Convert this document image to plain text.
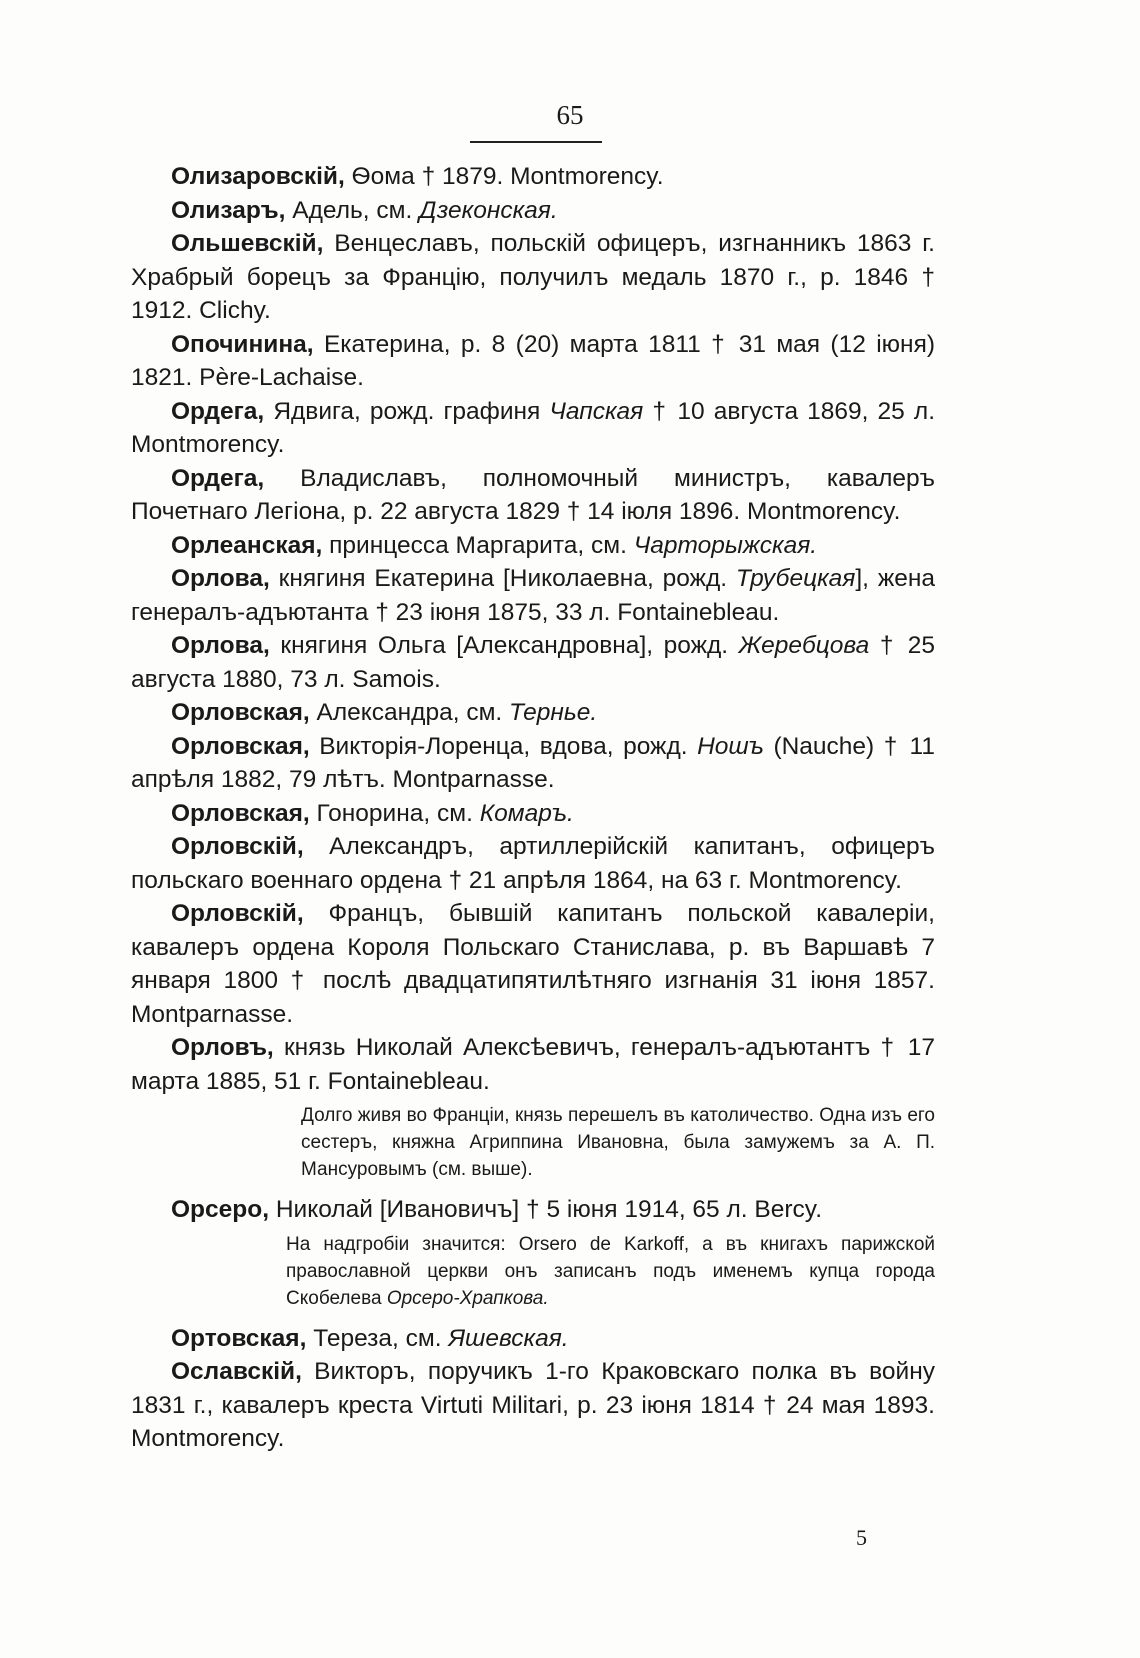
65

Олизаровскій, Ѳома † 1879. Montmorency.

Олизаръ, Адель, см. Дзеконская.

Ольшевскій, Венцеславъ, польскій офицеръ, изгнанникъ 1863 г. Храбрый борецъ за Францію, получилъ медаль 1870 г., р. 1846 † 1912. Clichy.

Опочинина, Екатерина, р. 8 (20) марта 1811 † 31 мая (12 іюня) 1821. Père-Lachaise.

Ордега, Ядвига, рожд. графиня Чапская † 10 августа 1869, 25 л. Montmorency.

Ордега, Владиславъ, полномочный министръ, кавалеръ Почетнаго Легіона, р. 22 августа 1829 † 14 іюля 1896. Montmorency.

Орлеанская, принцесса Маргарита, см. Чарторыжская.

Орлова, княгиня Екатерина [Николаевна, рожд. Трубецкая], жена генералъ-адъютанта † 23 іюня 1875, 33 л. Fontainebleau.

Орлова, княгиня Ольга [Александровна], рожд. Жеребцова † 25 августа 1880, 73 л. Samois.

Орловская, Александра, см. Терньe.

Орловская, Викторія-Лоренца, вдова, рожд. Ношъ (Nauche) † 11 апрѣля 1882, 79 лѣтъ. Montparnasse.

Орловская, Гонорина, см. Комаръ.

Орловскій, Александръ, артиллерійскій капитанъ, офицеръ польскаго военнаго ордена † 21 апрѣля 1864, на 63 г. Montmorency.

Орловскій, Францъ, бывшій капитанъ польской кавалеріи, кавалеръ ордена Короля Польскаго Станислава, р. въ Варшавѣ 7 января 1800 † послѣ двадцатипятилѣтняго изгнанія 31 іюня 1857. Montparnasse.

Орловъ, князь Николай Алексѣевичъ, генералъ-адъютантъ † 17 марта 1885, 51 г. Fontainebleau.

Долго живя во Франціи, князь перешелъ въ католичество. Одна изъ его сестеръ, княжна Агриппина Ивановна, была замужемъ за А. П. Мансуровымъ (см. выше).

Орсеро, Николай [Ивановичъ] † 5 іюня 1914, 65 л. Bercy.

На надгробіи значится: Orsero de Karkoff, а въ книгахъ парижской православной церкви онъ записанъ подъ именемъ купца города Скобелева Орсеро-Храпкова.

Ортовская, Тереза, см. Яшевская.

Ославскій, Викторъ, поручикъ 1-го Краковскаго полка въ войну 1831 г., кавалеръ креста Virtuti Militari, р. 23 іюня 1814 † 24 мая 1893. Montmorency.

5
